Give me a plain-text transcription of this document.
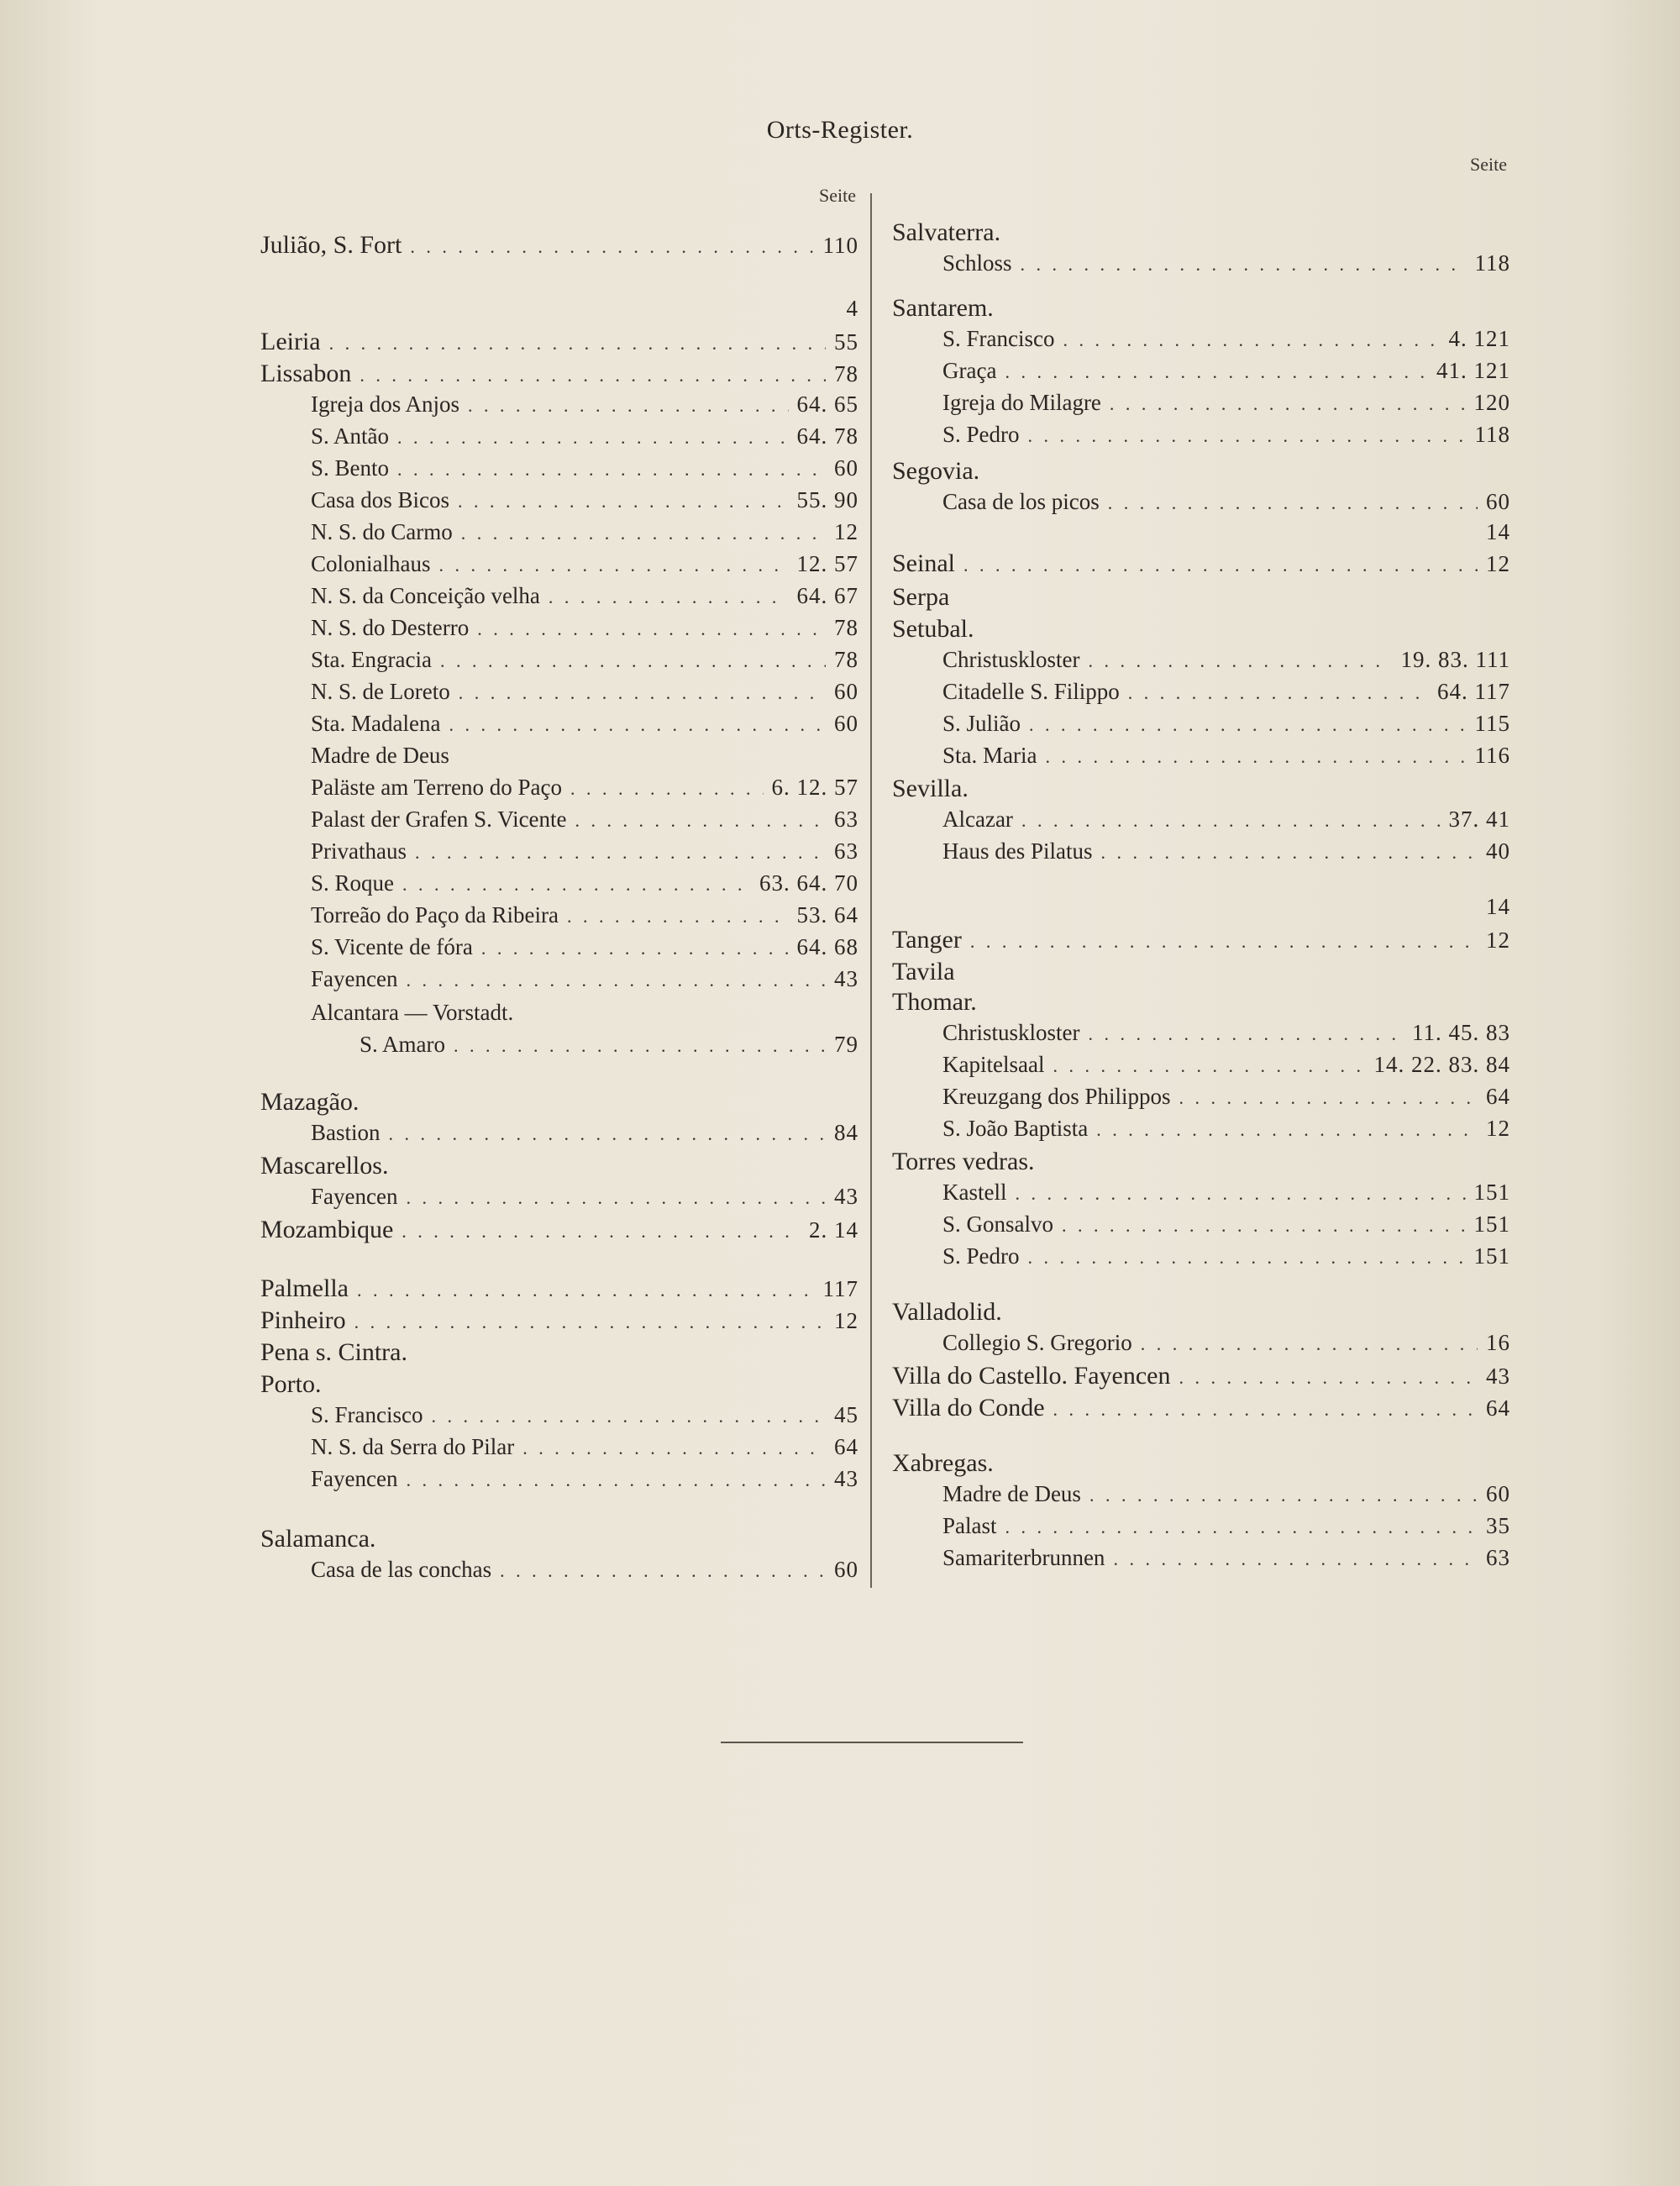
Orts-Register.
Seite
Seite
Julião, S. Fort . . .	110
4
Leiria . . .	55
Lissabon . . .	78
Igreja dos Anjos . . .	64. 65
S. Antão . . .	64. 78
S. Bento . . .	60
Casa dos Bicos . . .	55. 90
N. S. do Carmo . . .	12
Colonialhaus . . .	12. 57
N. S. da Conceição velha . . .	64. 67
N. S. do Desterro . . .	78
Sta. Engracia . . .	78
N. S. de Loreto . . .	60
Sta. Madalena . . .	60
Madre de Deus
Paläste am Terreno do Paço . . .	6. 12. 57
Palast der Grafen S. Vicente . . .	63
Privathaus . . .	63
S. Roque . . .	63. 64. 70
Torreão do Paço da Ribeira . . .	53. 64
S. Vicente de fóra . . .	64. 68
Fayencen . . .	43
Alcantara — Vorstadt.
S. Amaro . . .	79
Mazagão.
Bastion . . .	84
Mascarellos.
Fayencen . . .	43
Mozambique . . .	2. 14
Palmella . . .	117
Pinheiro . . .	12
Pena s. Cintra.
Porto.
S. Francisco . . .	45
N. S. da Serra do Pilar . . .	64
Fayencen . . .	43
Salamanca.
Casa de las conchas . . .	60
Salvaterra.
Schloss . . .	118
Santarem.
S. Francisco . . .	4. 121
Graça . . .	41. 121
Igreja do Milagre . . .	120
S. Pedro . . .	118
Segovia.
Casa de los picos . . .	60
14
Seinal . . .	12
Serpa
Setubal.
Christuskloster . . .	19. 83. 111
Citadelle S. Filippo . . .	64. 117
S. Julião . . .	115
Sta. Maria . . .	116
Sevilla.
Alcazar . . .	37. 41
Haus des Pilatus . . .	40
14
Tanger . . .	12
Tavila
Thomar.
Christuskloster . . .	11. 45. 83
Kapitelsaal . . .	14. 22. 83. 84
Kreuzgang dos Philippos . . .	64
S. João Baptista . . .	12
Torres vedras.
Kastell . . .	151
S. Gonsalvo . . .	151
S. Pedro . . .	151
Valladolid.
Collegio S. Gregorio . . .	16
Villa do Castello. Fayencen . . .	43
Villa do Conde . . .	64
Xabregas.
Madre de Deus . . .	60
Palast . . .	35
Samariterbrunnen . . .	63
